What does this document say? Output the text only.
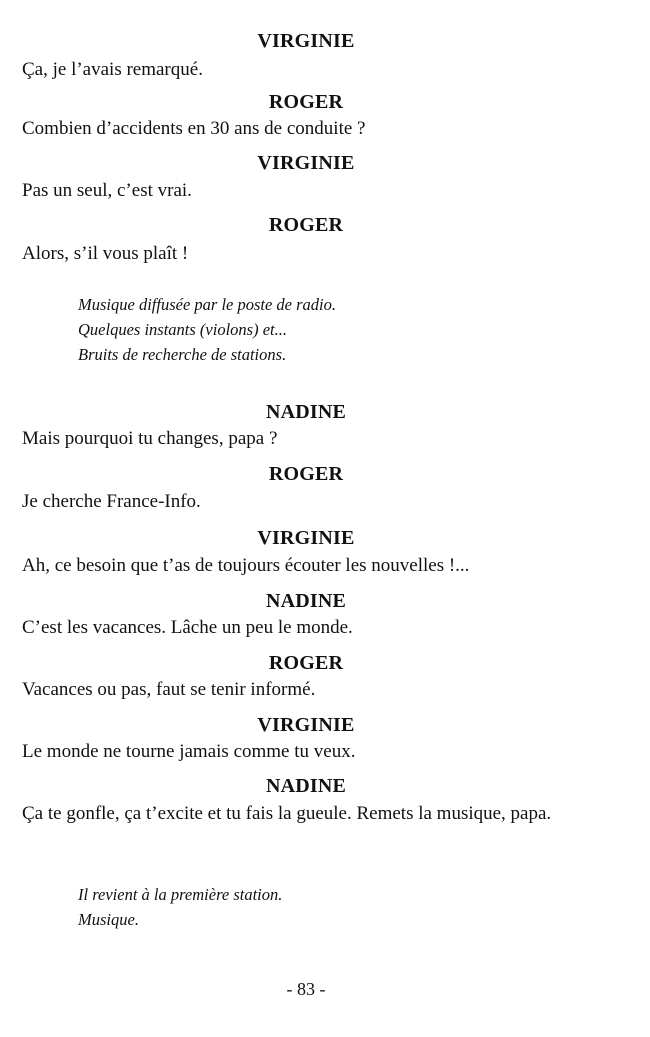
VIRGINIE
Ça, je l’avais remarqué.
ROGER
Combien d’accidents en 30 ans de conduite ?
VIRGINIE
Pas un seul, c’est vrai.
ROGER
Alors, s’il vous plaît !
Musique diffusée par le poste de radio.
Quelques instants (violons) et...
Bruits de recherche de stations.
NADINE
Mais pourquoi tu changes, papa ?
ROGER
Je cherche France-Info.
VIRGINIE
Ah, ce besoin que t’as de toujours écouter les nouvelles !...
NADINE
C’est les vacances. Lâche un peu le monde.
ROGER
Vacances ou pas, faut se tenir informé.
VIRGINIE
Le monde ne tourne jamais comme tu veux.
NADINE
Ça te gonfle, ça t’excite et tu fais la gueule. Remets la musique, papa.
Il revient à la première station.
Musique.
- 83 -
